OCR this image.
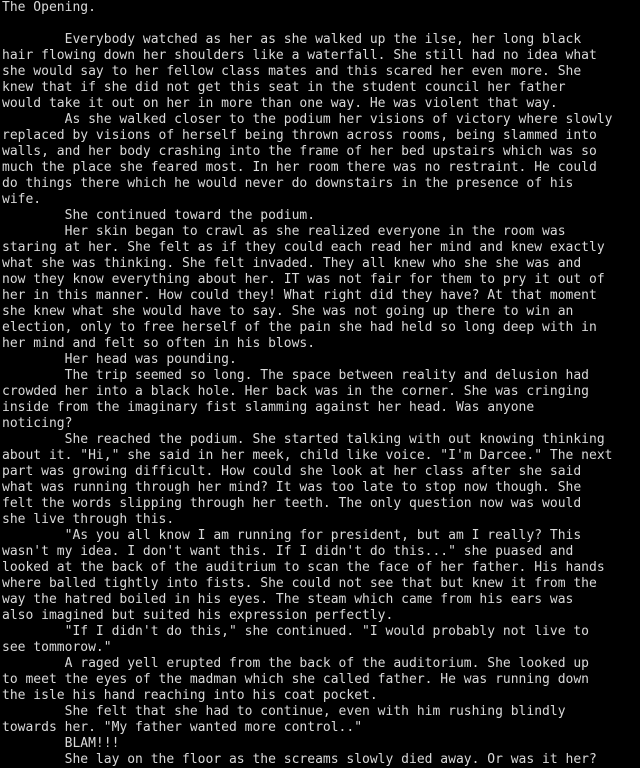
The Opening.
Everybody watched as her as she walked up the ilse, her long black
hair flowing down her shoulders like a waterfall. She still had no idea what
she would say to her fellow class mates and this scared her even more. She
knew that if she did not get this seat in the student council her father
would take it out on her in more than one way. He was violent that way.
As she walked closer to the podium her visions of victory where slowly
replaced by visions of herself being thrown across rooms, being slammed into
walls, and her body crashing into the frame of her bed upstairs which was so
much the place she feared most. In her room there was no restraint. He could
do things there which he would never do downstairs in the presence of his
wife.
She continued toward the podium.
Her skin began to crawl as she realized everyone in the room was
staring at her. She felt as if they could each read her mind and knew exactly
what she was thinking. She felt invaded. They all knew who she she was and
now they know everything about her. IT was not fair for them to pry it out of
her in this manner. How could they! What right did they have? At that moment
she knew what she would have to say. She was not going up there to win an
election, only to free herself of the pain she had held so long deep with in
her mind and felt so often in his blows.
Her head was pounding.
The trip seemed so long. The space between reality and delusion had
crowded her into a black hole. Her back was in the corner. She was cringing
inside from the imaginary fist slamming against her head. Was anyone
noticing?
She reached the podium. She started talking with out knowing thinking
about it. "Hi," she said in her meek, child like voice. "I'm Darcee." The next
part was growing difficult. How could she look at her class after she said
what was running through her mind? It was too late to stop now though. She
felt the words slipping through her teeth. The only question now was would
she live through this.
"As you all know I am running for president, but am I really? This
wasn't my idea. I don't want this. If I didn't do this..." she puased and
looked at the back of the auditrium to scan the face of her father. His hands
where balled tightly into fists. She could not see that but knew it from the
way the hatred boiled in his eyes. The steam which came from his ears was
also imagined but suited his expression perfectly.
"If I didn't do this," she continued. "I would probably not live to
see tommorow."
A raged yell erupted from the back of the auditorium. She looked up
to meet the eyes of the madman which she called father. He was running down
the isle his hand reaching into his coat pocket.
She felt that she had to continue, even with him rushing blindly
towards her. "My father wanted more control.."
BLAM!!!
She lay on the floor as the screams slowly died away. Or was it her?
